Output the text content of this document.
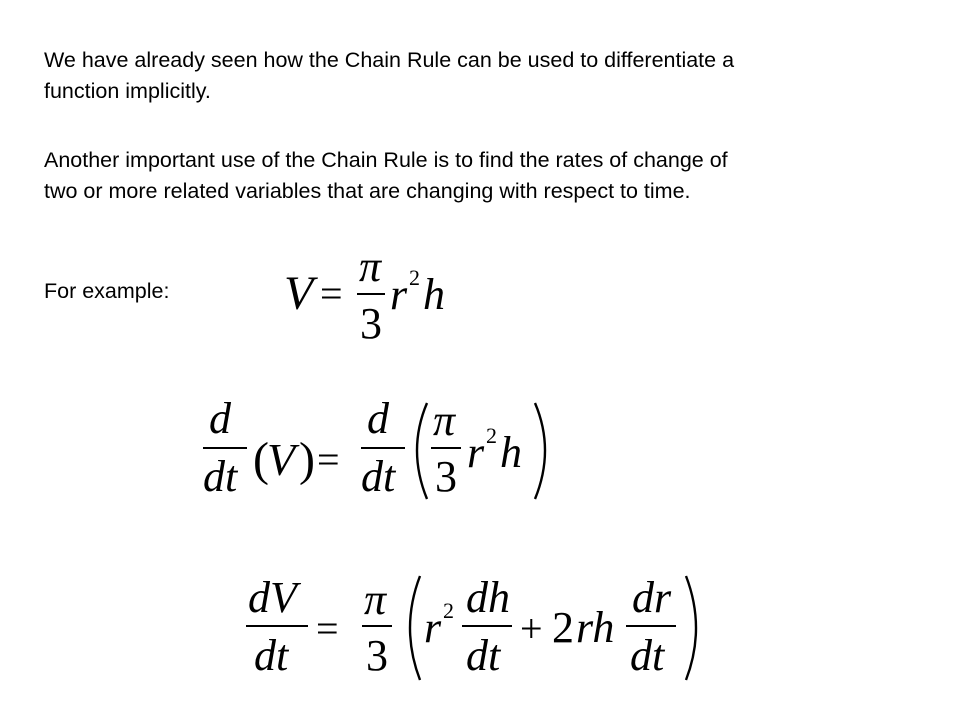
We have already seen how the Chain Rule can be used to differentiate a
function implicitly.

Another important use of the Chain Rule is to find the rates of change of
two or more related variables that are changing with respect to time.

For example: V =
π
3
r 2 h
d
dt (
V ) =
d
dt
π
3 r 2 h
dV
dt
=
π
3
r 2 dh
dt
+ 2 rh
dr
dt
